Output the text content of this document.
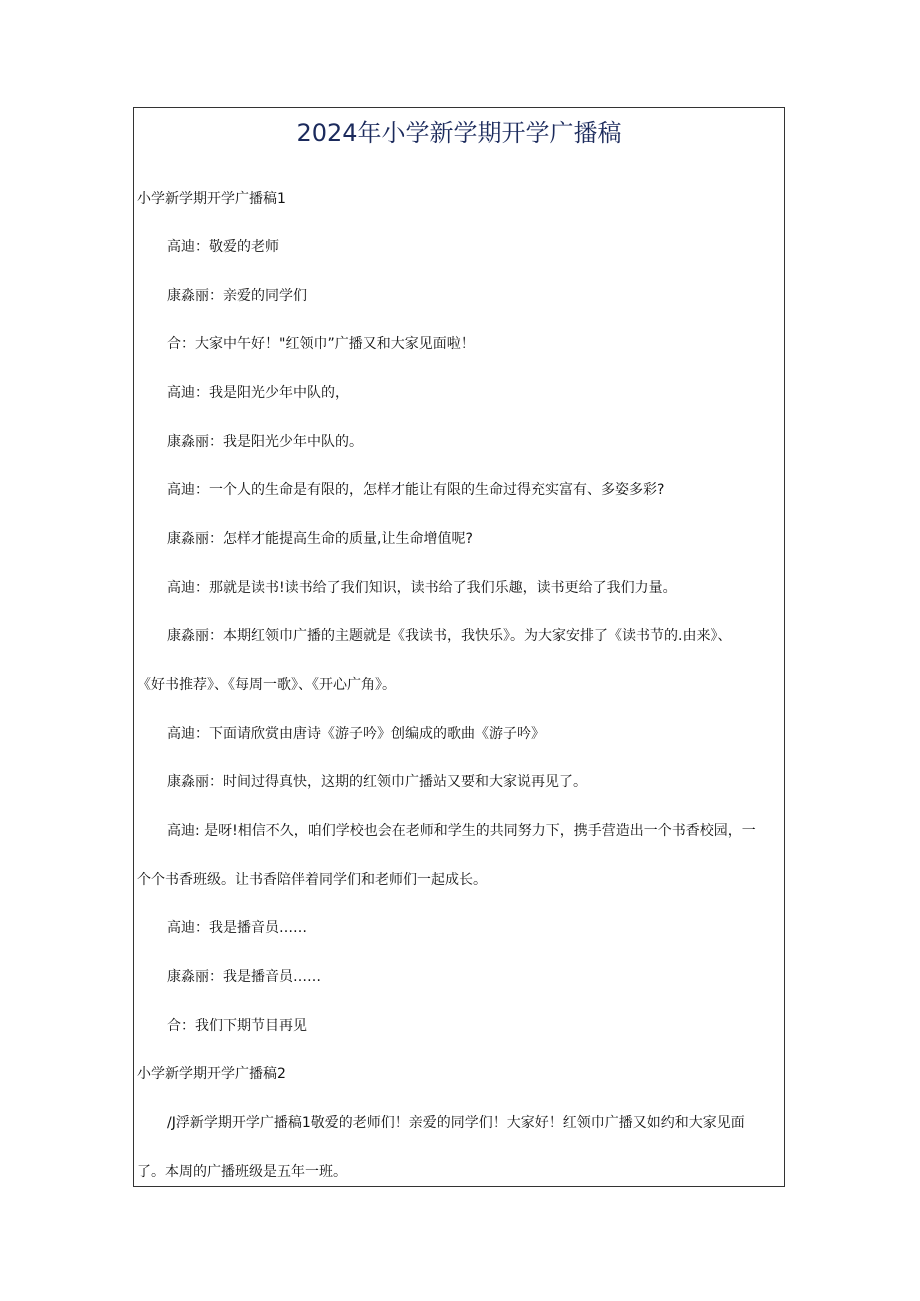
2024年小学新学期开学广播稿
小学新学期开学广播稿1
高迪：敬爱的老师
康淼丽：亲爱的同学们
合：大家中午好！"红领巾”广播又和大家见面啦！
高迪：我是阳光少年中队的，
康淼丽：我是阳光少年中队的。
高迪：一个人的生命是有限的，怎样才能让有限的生命过得充实富有、多姿多彩?
康淼丽：怎样才能提高生命的质量,让生命增值呢?
高迪：那就是读书!读书给了我们知识，读书给了我们乐趣，读书更给了我们力量。
康淼丽：本期红领巾广播的主题就是《我读书，我快乐》。为大家安排了《读书节的.由来》、
《好书推荐》、《每周一歌》、《开心广角》。
高迪：下面请欣赏由唐诗《游子吟》创编成的歌曲《游子吟》
康淼丽：时间过得真快，这期的红领巾广播站又要和大家说再见了。
高迪: 是呀!相信不久，咱们学校也会在老师和学生的共同努力下，携手营造出一个书香校园，一
个个书香班级。让书香陪伴着同学们和老师们一起成长。
高迪：我是播音员……
康淼丽：我是播音员……
合：我们下期节目再见
小学新学期开学广播稿2
/J浮新学期开学广播稿1敬爱的老师们！亲爱的同学们！大家好！红领巾广播又如约和大家见面
了。本周的广播班级是五年一班。
